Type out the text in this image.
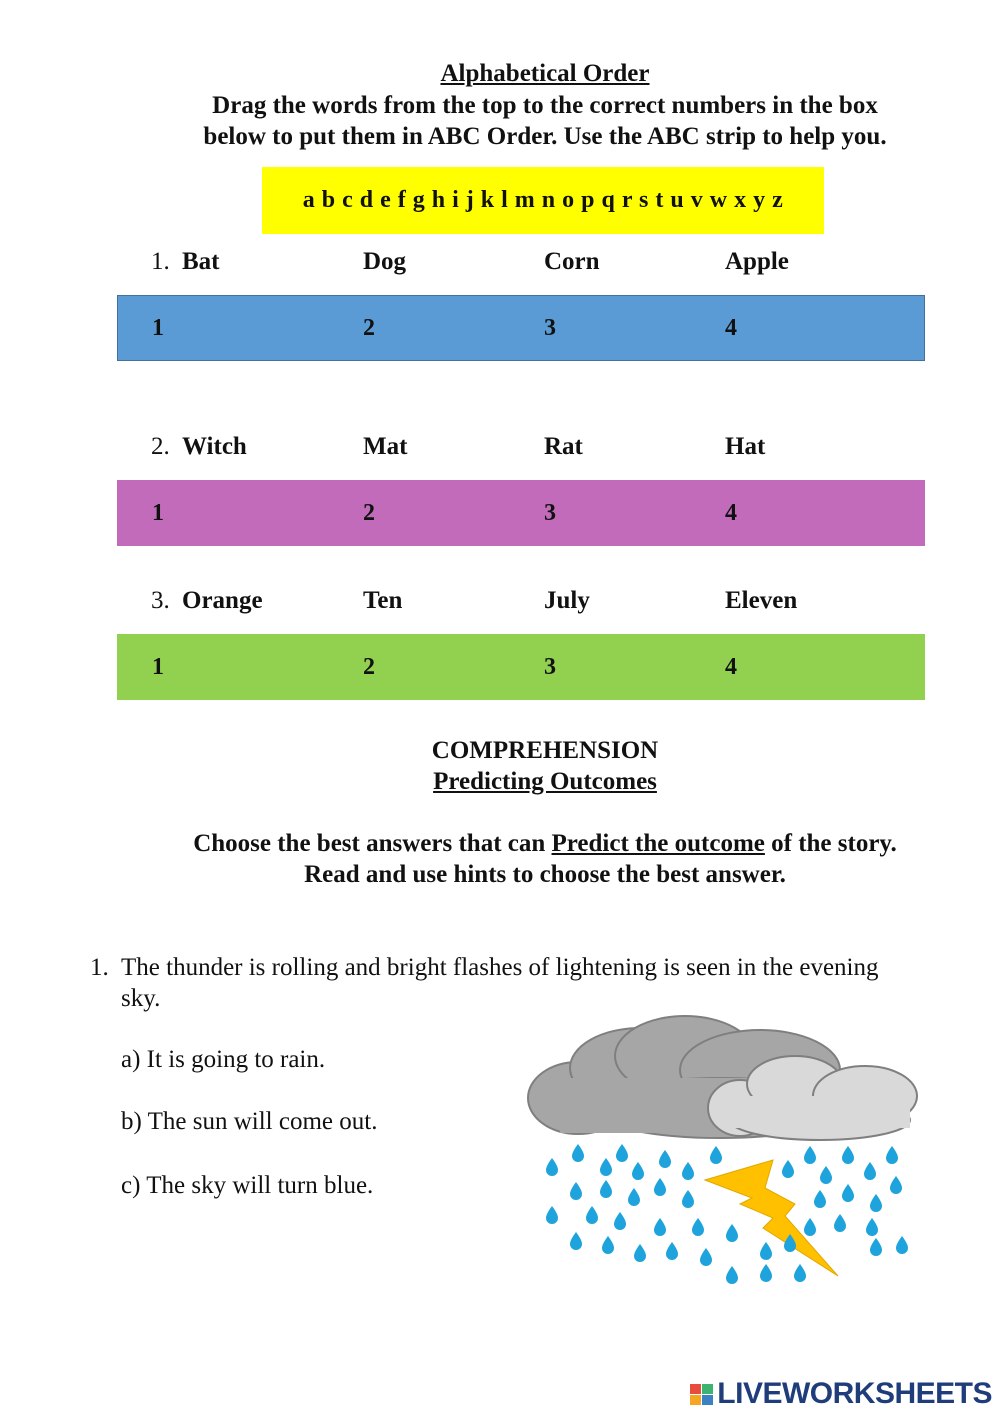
Alphabetical Order
Drag the words from the top to the correct numbers in the box
below to put them in ABC Order. Use the ABC strip to help you.
a b c d e f g h i j k l m n o p q r s t u v w x y z
1. Bat	Dog	Corn	Apple
1	2	3	4
2. Witch	Mat	Rat	Hat
1	2	3	4
3. Orange	Ten	July	Eleven
1	2	3	4
COMPREHENSION
Predicting Outcomes
Choose the best answers that can Predict the outcome of the story.
Read and use hints to choose the best answer.
1. The thunder is rolling and bright flashes of lightening is seen in the evening
sky.
a) It is going to rain.
b) The sun will come out.
c) The sky will turn blue.
LIVEWORKSHEETS
